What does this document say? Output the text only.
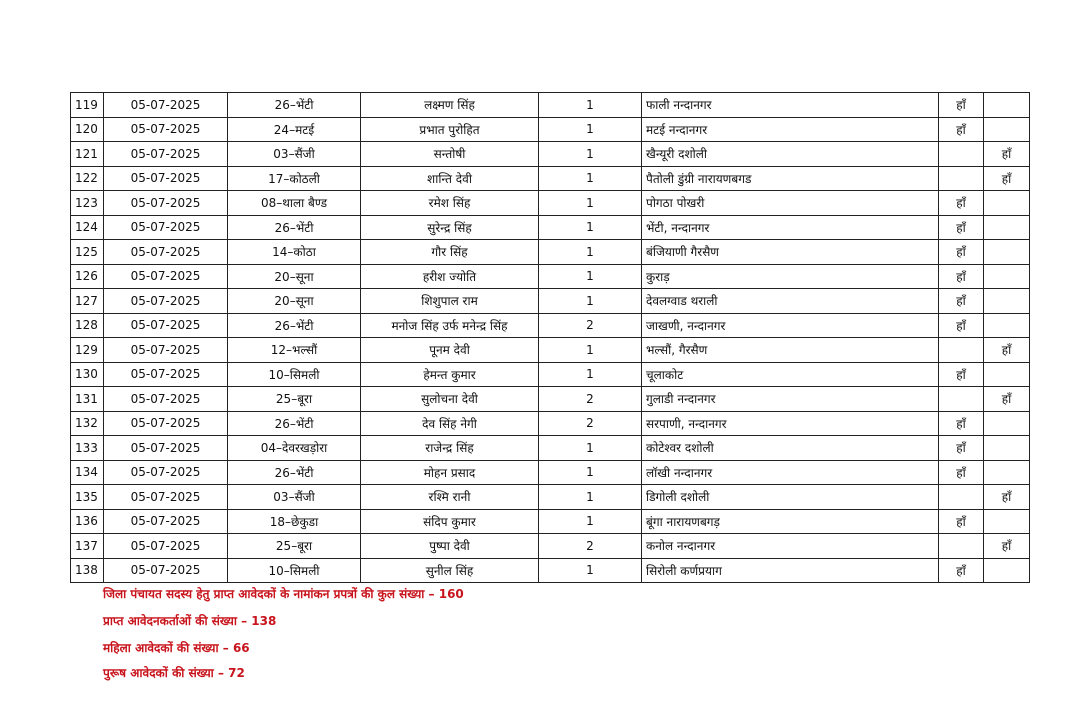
119	05-07-2025	26–भेंटी	लक्ष्मण सिंह	1	फाली नन्दानगर	हाँ	
120	05-07-2025	24–मटई	प्रभात पुरोहित	1	मटई नन्दानगर	हाँ	
121	05-07-2025	03–सैंजी	सन्तोषी	1	खैन्यूरी दशोली		हाँ
122	05-07-2025	17–कोठली	शान्ति देवी	1	पैतोली डुंग्री नारायणबगड		हाँ
123	05-07-2025	08–थाला बैण्ड	रमेश सिंह	1	पोगठा पोखरी	हाँ	
124	05-07-2025	26–भेंटी	सुरेन्द्र सिंह	1	भेंटी, नन्दानगर	हाँ	
125	05-07-2025	14–कोठा	गौर सिंह	1	बंजियाणी गैरसैण	हाँ	
126	05-07-2025	20–सूना	हरीश ज्योति	1	कुराड़	हाँ	
127	05-07-2025	20–सूना	शिशुपाल राम	1	देवलग्वाड थराली	हाँ	
128	05-07-2025	26–भेंटी	मनोज सिंह उर्फ मनेन्द्र सिंह	2	जाखणी, नन्दानगर	हाँ	
129	05-07-2025	12–भल्सौं	पूनम देवी	1	भल्सौं, गैरसैण		हाँ
130	05-07-2025	10–सिमली	हेमन्त कुमार	1	चूलाकोट	हाँ	
131	05-07-2025	25–बूरा	सुलोचना देवी	2	गुलाडी नन्दानगर		हाँ
132	05-07-2025	26–भेंटी	देव सिंह नेगी	2	सरपाणी, नन्दानगर	हाँ	
133	05-07-2025	04–देवरखड़ोरा	राजेन्द्र सिंह	1	कोटेश्वर दशोली	हाँ	
134	05-07-2025	26–भेंटी	मोहन प्रसाद	1	लॉखी नन्दानगर	हाँ	
135	05-07-2025	03–सैंजी	रश्मि रानी	1	डिगोली दशोली		हाँ
136	05-07-2025	18–छेकुडा	संदिप कुमार	1	बूंगा नारायणबगड़	हाँ	
137	05-07-2025	25–बूरा	पुष्पा देवी	2	कनोल नन्दानगर		हाँ
138	05-07-2025	10–सिमली	सुनील सिंह	1	सिरोली कर्णप्रयाग	हाँ	
जिला पंचायत सदस्य हेतु प्राप्त आवेदकों के नामांकन प्रपत्रों की कुल संख्या – 160
प्राप्त आवेदनकर्ताओं की संख्या – 138
महिला आवेदकों की संख्या – 66
पुरूष आवेदकों की संख्या – 72
